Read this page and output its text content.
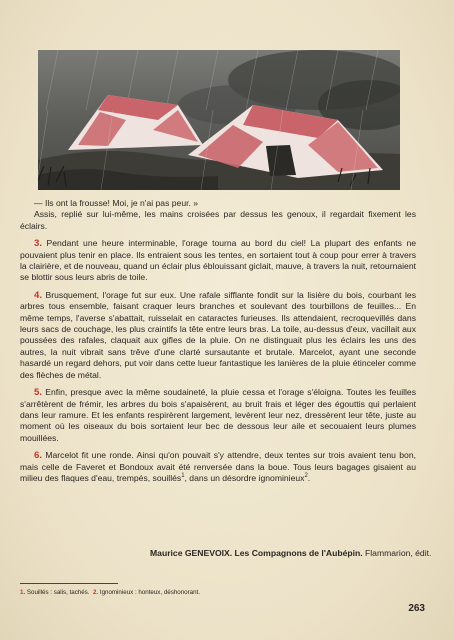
— Ils ont la frousse! Moi, je n'ai pas peur. »

Assis, replié sur lui-même, les mains croisées par dessus les genoux, il regardait fixement les éclairs.

3. Pendant une heure interminable, l'orage tourna au bord du ciel! La plupart des enfants ne pouvaient plus tenir en place. Ils entraient sous les tentes, en sortaient tout à coup pour errer à travers la clairière, et de nouveau, quand un éclair plus éblouissant giclait, mauve, à travers la nuit, retournaient se blottir sous leurs abris de toile.

4. Brusquement, l'orage fut sur eux. Une rafale sifflante fondit sur la lisière du bois, courbant les arbres tous ensemble, faisant craquer leurs branches et soulevant des tourbillons de feuilles... En même temps, l'averse s'abattait, ruisselait en cataractes furieuses. Ils attendaient, recroquevillés dans leurs sacs de couchage, les plus craintifs la tête entre leurs bras. La toile, au-dessus d'eux, vacillait aux poussées des rafales, claquait aux gifles de la pluie. On ne distinguait plus les éclairs les uns des autres, la nuit vibrait sans trêve d'une clarté sursautante et brutale. Marcelot, ayant une seconde hasardé un regard dehors, put voir dans cette lueur fantastique les lanières de la pluie étinceler comme des flèches de métal.

5. Enfin, presque avec la même soudaineté, la pluie cessa et l'orage s'éloigna. Toutes les feuilles s'arrêtèrent de frémir, les arbres du bois s'apaisèrent, au bruit frais et léger des égouttis qui perlaient dans leur ramure. Et les enfants respirèrent largement, levèrent leur nez, dressèrent leur tête, juste au moment où les oiseaux du bois sortaient leur bec de dessous leur aile et secouaient leurs plumes mouillées.

6. Marcelot fit une ronde. Ainsi qu'on pouvait s'y attendre, deux tentes sur trois avaient tenu bon, mais celle de Faveret et Bondoux avait été renversée dans la boue. Tous leurs bagages gisaient au milieu des flaques d'eau, trempés, souillés$^1$, dans un désordre ignominieux$^2$.

Maurice GENEVOIX. Les Compagnons de l'Aubépin. Flammarion, édit.
1. Souillés : salis, tachés. 2. Ignominieux : honteux, déshonorant.
263
